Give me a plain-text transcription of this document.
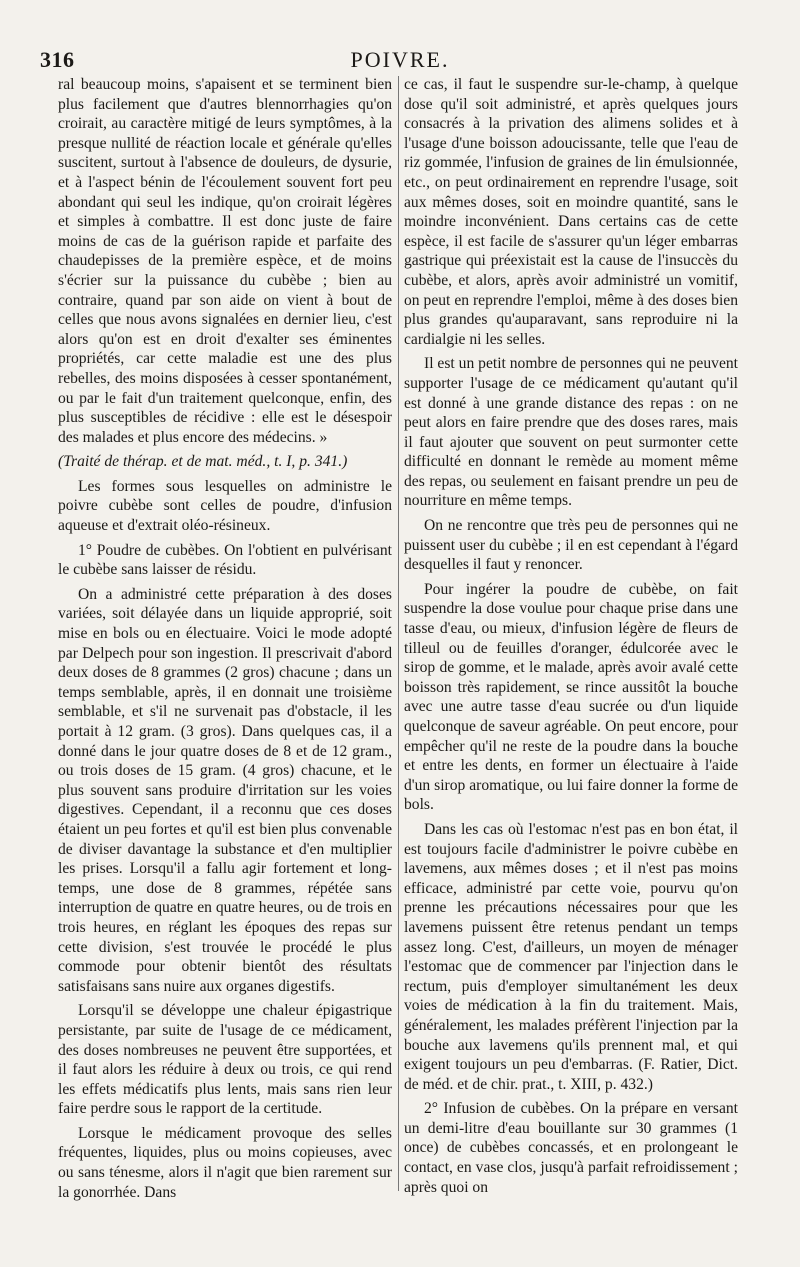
316	POIVRE.

ral beaucoup moins, s'apaisent et se terminent bien plus facilement que d'autres blennorrhagies qu'on croirait, au caractère mitigé de leurs symptômes, à la presque nullité de réaction locale et générale qu'elles suscitent, surtout à l'absence de douleurs, de dysurie, et à l'aspect bénin de l'écoulement souvent fort peu abondant qui seul les indique, qu'on croirait légères et simples à combattre. Il est donc juste de faire moins de cas de la guérison rapide et parfaite des chaudepisses de la première espèce, et de moins s'écrier sur la puissance du cubèbe ; bien au contraire, quand par son aide on vient à bout de celles que nous avons signalées en dernier lieu, c'est alors qu'on est en droit d'exalter ses éminentes propriétés, car cette maladie est une des plus rebelles, des moins disposées à cesser spontanément, ou par le fait d'un traitement quelconque, enfin, des plus susceptibles de récidive : elle est le désespoir des malades et plus encore des médecins. »

(Traité de thérap. et de mat. méd., t. I, p. 341.)

Les formes sous lesquelles on administre le poivre cubèbe sont celles de poudre, d'infusion aqueuse et d'extrait oléo-résineux.

1° Poudre de cubèbes. On l'obtient en pulvérisant le cubèbe sans laisser de résidu.

On a administré cette préparation à des doses variées, soit délayée dans un liquide approprié, soit mise en bols ou en électuaire. Voici le mode adopté par Delpech pour son ingestion. Il prescrivait d'abord deux doses de 8 grammes (2 gros) chacune ; dans un temps semblable, après, il en donnait une troisième semblable, et s'il ne survenait pas d'obstacle, il les portait à 12 gram. (3 gros). Dans quelques cas, il a donné dans le jour quatre doses de 8 et de 12 gram., ou trois doses de 15 gram. (4 gros) chacune, et le plus souvent sans produire d'irritation sur les voies digestives. Cependant, il a reconnu que ces doses étaient un peu fortes et qu'il est bien plus convenable de diviser davantage la substance et d'en multiplier les prises. Lorsqu'il a fallu agir fortement et long-temps, une dose de 8 grammes, répétée sans interruption de quatre en quatre heures, ou de trois en trois heures, en réglant les époques des repas sur cette division, s'est trouvée le procédé le plus commode pour obtenir bientôt des résultats satisfaisans sans nuire aux organes digestifs.

Lorsqu'il se développe une chaleur épigastrique persistante, par suite de l'usage de ce médicament, des doses nombreuses ne peuvent être supportées, et il faut alors les réduire à deux ou trois, ce qui rend les effets médicatifs plus lents, mais sans rien leur faire perdre sous le rapport de la certitude.

Lorsque le médicament provoque des selles fréquentes, liquides, plus ou moins copieuses, avec ou sans ténesme, alors il n'agit que bien rarement sur la gonorrhée. Dans

ce cas, il faut le suspendre sur-le-champ, à quelque dose qu'il soit administré, et après quelques jours consacrés à la privation des alimens solides et à l'usage d'une boisson adoucissante, telle que l'eau de riz gommée, l'infusion de graines de lin émulsionnée, etc., on peut ordinairement en reprendre l'usage, soit aux mêmes doses, soit en moindre quantité, sans le moindre inconvénient. Dans certains cas de cette espèce, il est facile de s'assurer qu'un léger embarras gastrique qui préexistait est la cause de l'insuccès du cubèbe, et alors, après avoir administré un vomitif, on peut en reprendre l'emploi, même à des doses bien plus grandes qu'auparavant, sans reproduire ni la cardialgie ni les selles.

Il est un petit nombre de personnes qui ne peuvent supporter l'usage de ce médicament qu'autant qu'il est donné à une grande distance des repas : on ne peut alors en faire prendre que des doses rares, mais il faut ajouter que souvent on peut surmonter cette difficulté en donnant le remède au moment même des repas, ou seulement en faisant prendre un peu de nourriture en même temps.

On ne rencontre que très peu de personnes qui ne puissent user du cubèbe ; il en est cependant à l'égard desquelles il faut y renoncer.

Pour ingérer la poudre de cubèbe, on fait suspendre la dose voulue pour chaque prise dans une tasse d'eau, ou mieux, d'infusion légère de fleurs de tilleul ou de feuilles d'oranger, édulcorée avec le sirop de gomme, et le malade, après avoir avalé cette boisson très rapidement, se rince aussitôt la bouche avec une autre tasse d'eau sucrée ou d'un liquide quelconque de saveur agréable. On peut encore, pour empêcher qu'il ne reste de la poudre dans la bouche et entre les dents, en former un électuaire à l'aide d'un sirop aromatique, ou lui faire donner la forme de bols.

Dans les cas où l'estomac n'est pas en bon état, il est toujours facile d'administrer le poivre cubèbe en lavemens, aux mêmes doses ; et il n'est pas moins efficace, administré par cette voie, pourvu qu'on prenne les précautions nécessaires pour que les lavemens puissent être retenus pendant un temps assez long. C'est, d'ailleurs, un moyen de ménager l'estomac que de commencer par l'injection dans le rectum, puis d'employer simultanément les deux voies de médication à la fin du traitement. Mais, généralement, les malades préfèrent l'injection par la bouche aux lavemens qu'ils prennent mal, et qui exigent toujours un peu d'embarras. (F. Ratier, Dict. de méd. et de chir. prat., t. XIII, p. 432.)

2° Infusion de cubèbes. On la prépare en versant un demi-litre d'eau bouillante sur 30 grammes (1 once) de cubèbes concassés, et en prolongeant le contact, en vase clos, jusqu'à parfait refroidissement ; après quoi on
